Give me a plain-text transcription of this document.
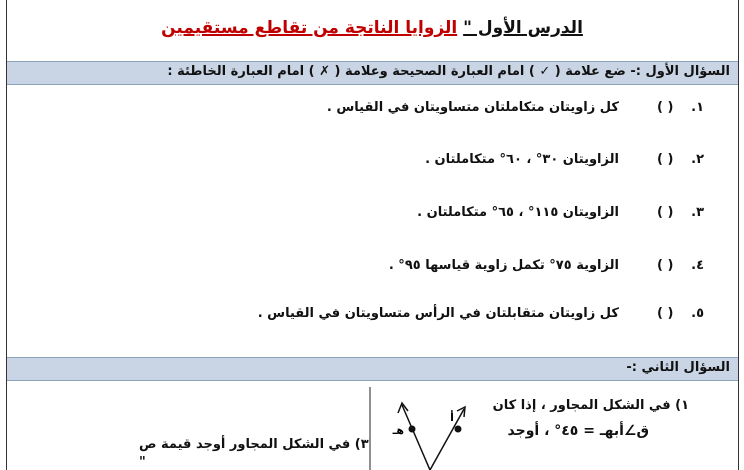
الدرس الأول " الزوايا الناتجة من تقاطع مستقيمين
"
السؤال الأول :- ضع علامة ( ✓ ) امام العبارة الصحيحة وعلامة ( ✗ ) امام العبارة الخاطئة :
١. ( ) كل زاويتان متكاملتان متساويتان في القياس .
٢. ( ) الزاويتان ٣٠° ، ٦٠° متكاملتان .
٣. ( ) الزاويتان ١١٥° ، ٦٥° متكاملتان .
٤. ( ) الزاوية ٧٥° تكمل زاوية قياسها ٩٥° .
٥. ( ) كل زاويتان متقابلتان في الرأس متساويتان في القياس .
السؤال الثاني :-
١) في الشكل المجاور ، إذا كان
ق∠أبهـ = ٤٥° ، أوجد
٣) في الشكل المجاور أوجد قيمة ص
هـ
أ
